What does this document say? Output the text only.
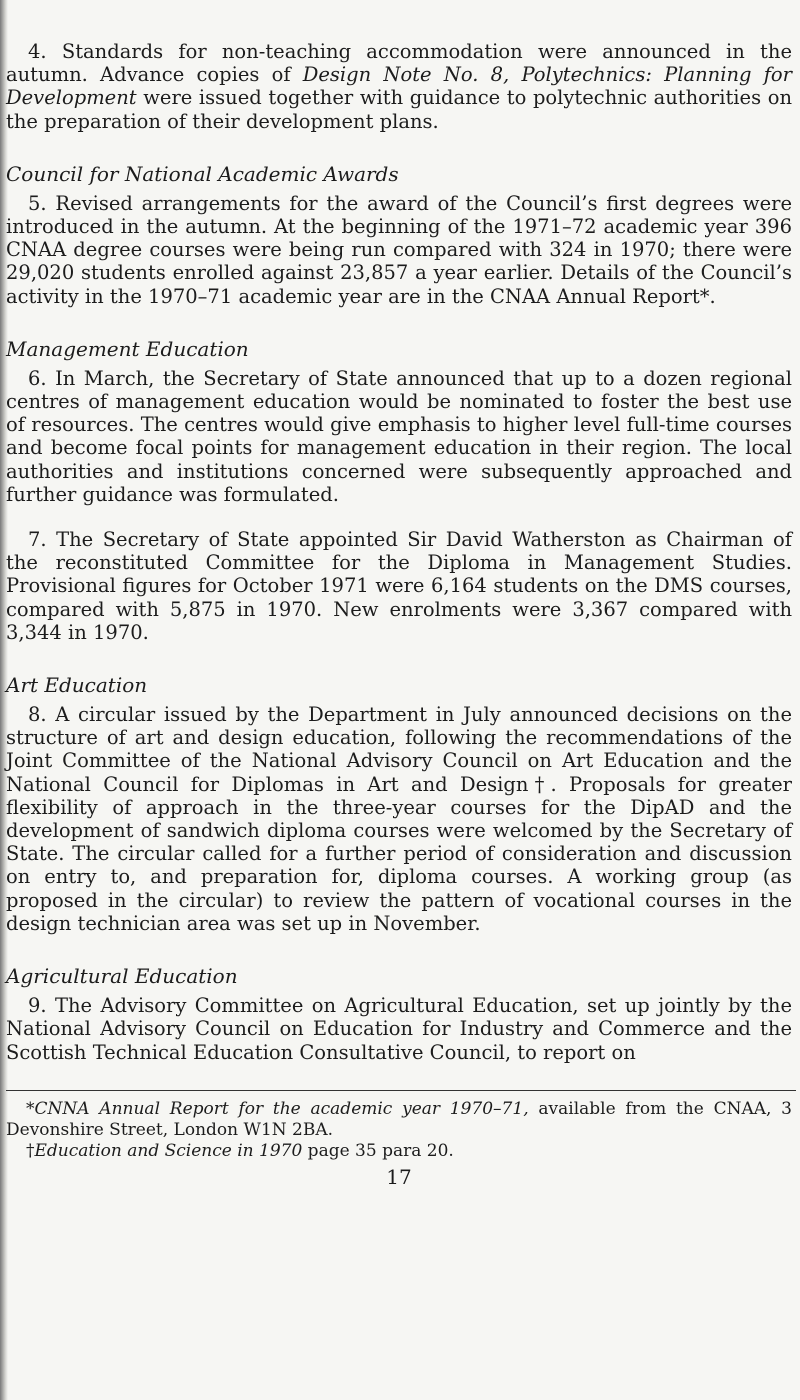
4. Standards for non-teaching accommodation were announced in the autumn. Advance copies of Design Note No. 8, Polytechnics: Planning for Development were issued together with guidance to polytechnic authorities on the preparation of their development plans.

Council for National Academic Awards

5. Revised arrangements for the award of the Council’s first degrees were introduced in the autumn. At the beginning of the 1971–72 academic year 396 CNAA degree courses were being run compared with 324 in 1970; there were 29,020 students enrolled against 23,857 a year earlier. Details of the Council’s activity in the 1970–71 academic year are in the CNAA Annual Report*.

Management Education

6. In March, the Secretary of State announced that up to a dozen regional centres of management education would be nominated to foster the best use of resources. The centres would give emphasis to higher level full-time courses and become focal points for management education in their region. The local authorities and institutions concerned were subsequently approached and further guidance was formulated.

7. The Secretary of State appointed Sir David Watherston as Chairman of the reconstituted Committee for the Diploma in Management Studies. Provisional figures for October 1971 were 6,164 students on the DMS courses, compared with 5,875 in 1970. New enrolments were 3,367 compared with 3,344 in 1970.

Art Education

8. A circular issued by the Department in July announced decisions on the structure of art and design education, following the recommendations of the Joint Committee of the National Advisory Council on Art Education and the National Council for Diplomas in Art and Design†. Proposals for greater flexibility of approach in the three-year courses for the DipAD and the development of sandwich diploma courses were welcomed by the Secretary of State. The circular called for a further period of consideration and discussion on entry to, and preparation for, diploma courses. A working group (as proposed in the circular) to review the pattern of vocational courses in the design technician area was set up in November.

Agricultural Education

9. The Advisory Committee on Agricultural Education, set up jointly by the National Advisory Council on Education for Industry and Commerce and the Scottish Technical Education Consultative Council, to report on

*CNNA Annual Report for the academic year 1970–71, available from the CNAA, 3 Devonshire Street, London W1N 2BA.

†Education and Science in 1970 page 35 para 20.

17
